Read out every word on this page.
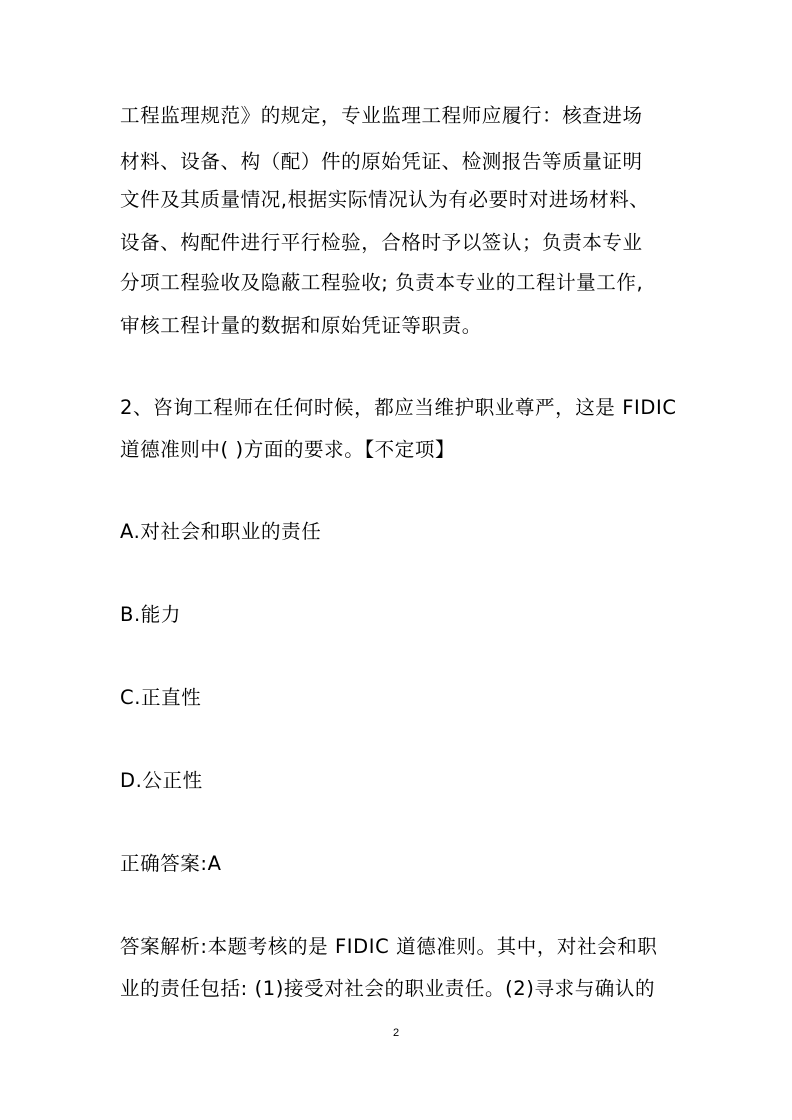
工程监理规范》的规定，专业监理工程师应履行：核查进场
材料、设备、构（配）件的原始凭证、检测报告等质量证明
文件及其质量情况,根据实际情况认为有必要时对进场材料、
设备、构配件进行平行检验，合格时予以签认；负责本专业
分项工程验收及隐蔽工程验收; 负责本专业的工程计量工作,
审核工程计量的数据和原始凭证等职责。
2、咨询工程师在任何时候，都应当维护职业尊严，这是 FIDIC
道德准则中( )方面的要求。【不定项】
A.对社会和职业的责任
B.能力
C.正直性
D.公正性
正确答案:A
答案解析:本题考核的是 FIDIC 道德准则。其中，对社会和职
业的责任包括: (1)接受对社会的职业责任。(2)寻求与确认的
2
